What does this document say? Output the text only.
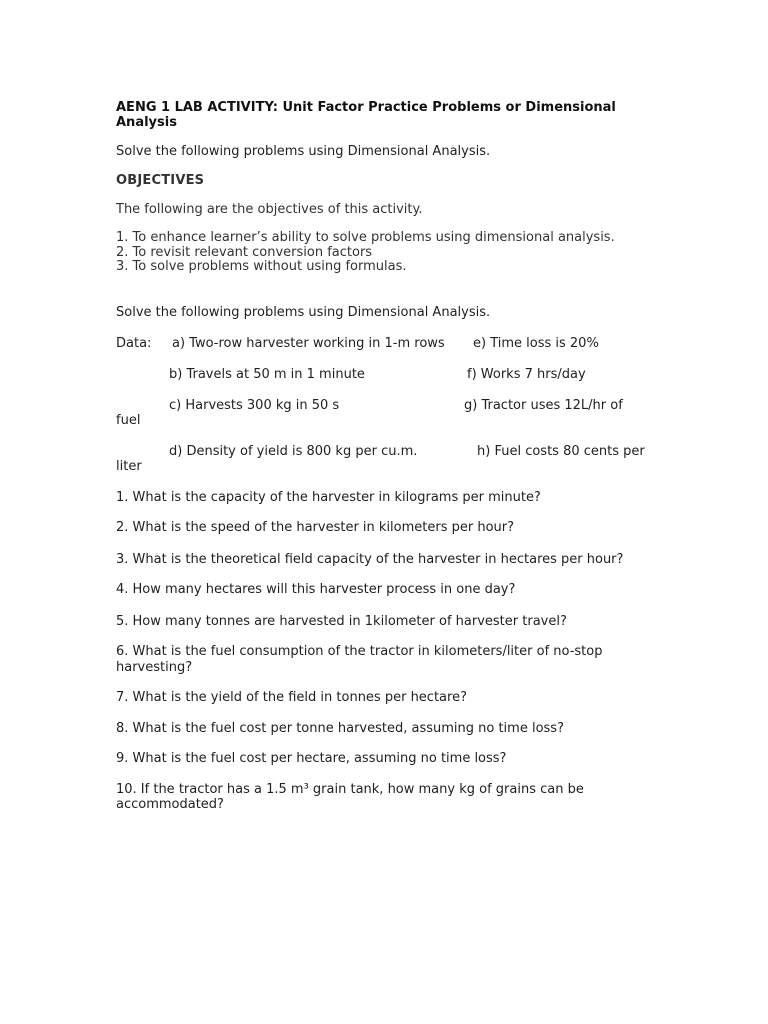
AENG 1 LAB ACTIVITY: Unit Factor Practice Problems or Dimensional Analysis

Solve the following problems using Dimensional Analysis.

OBJECTIVES

The following are the objectives of this activity.

1. To enhance learner’s ability to solve problems using dimensional analysis.

2. To revisit relevant conversion factors

3. To solve problems without using formulas.

Solve the following problems using Dimensional Analysis.

Data: a) Two-row harvester working in 1-m rows e) Time loss is 20%
b) Travels at 50 m in 1 minute	f) Works 7 hrs/day
c) Harvests 300 kg in 50 s	g) Tractor uses 12L/hr of

fuel

d) Density of yield is 800 kg per cu.m.	h) Fuel costs 80 cents per

liter

1. What is the capacity of the harvester in kilograms per minute?

2. What is the speed of the harvester in kilometers per hour?

3. What is the theoretical field capacity of the harvester in hectares per hour?

4. How many hectares will this harvester process in one day?

5. How many tonnes are harvested in 1kilometer of harvester travel?

6. What is the fuel consumption of the tractor in kilometers/liter of no-stop harvesting?

7. What is the yield of the field in tonnes per hectare?

8. What is the fuel cost per tonne harvested, assuming no time loss?

9. What is the fuel cost per hectare, assuming no time loss?

10. If the tractor has a 1.5 m³ grain tank, how many kg of grains can be accommodated?
